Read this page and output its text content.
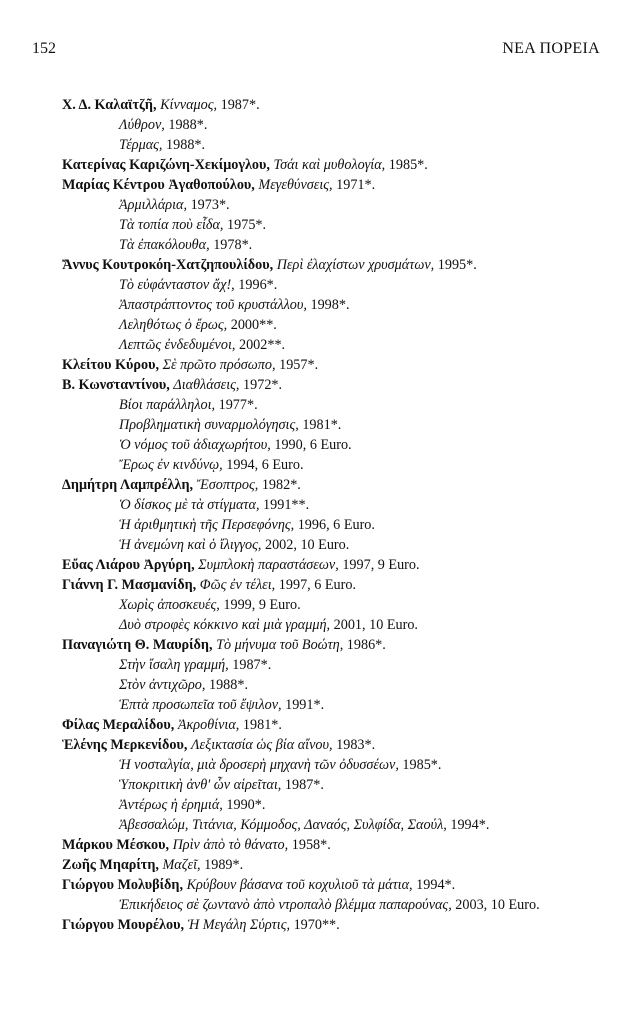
152	ΝΕΑ ΠΟΡΕΙΑ
Χ. Δ. Καλαϊτζῆ, Κίνναμος, 1987*.
Λύθρον, 1988*.
Τέρμας, 1988*.
Κατερίνας Καριζώνη-Χεκίμογλου, Τσάι καὶ μυθολογία, 1985*.
Μαρίας Κέντρου Ἀγαθοπούλου, Μεγεθύνσεις, 1971*.
Ἀρμιλλάρια, 1973*.
Τὰ τοπία ποὺ εἶδα, 1975*.
Τὰ ἐπακόλουθα, 1978*.
Ἄννυς Κουτροκόη-Χατζηπουλίδου, Περὶ ἐλαχίστων χρυσμάτων, 1995*.
Τὸ εὐφάνταστον ἄχ!, 1996*.
Ἀπαστράπτοντος τοῦ κρυστάλλου, 1998*.
Λεληθότως ὁ ἔρως, 2000**.
Λεπτῶς ἐνδεδυμένοι, 2002**.
Κλείτου Κύρου, Σὲ πρῶτο πρόσωπο, 1957*.
Β. Κωνσταντίνου, Διαθλάσεις, 1972*.
Βίοι παράλληλοι, 1977*.
Προβληματικὴ συναρμολόγησις, 1981*.
Ὁ νόμος τοῦ ἀδιαχωρήτου, 1990, 6 Euro.
Ἔρως ἐν κινδύνῳ, 1994, 6 Euro.
Δημήτρη Λαμπρέλλη, Ἔσοπτρος, 1982*.
Ὁ δίσκος μὲ τὰ στίγματα, 1991**.
Ἡ ἀριθμητικὴ τῆς Περσεφόνης, 1996, 6 Euro.
Ἡ ἀνεμώνη καὶ ὁ ἴλιγγος, 2002, 10 Euro.
Εὔας Λιάρου Ἀργύρη, Συμπλοκὴ παραστάσεων, 1997, 9 Euro.
Γιάννη Γ. Μασμανίδη, Φῶς ἐν τέλει, 1997, 6 Euro.
Χωρὶς ἀποσκευές, 1999, 9 Euro.
Δυὸ στροφὲς κόκκινο καὶ μιὰ γραμμή, 2001, 10 Euro.
Παναγιώτη Θ. Μαυρίδη, Τὸ μήνυμα τοῦ Βοώτη, 1986*.
Στὴν ἴσαλη γραμμή, 1987*.
Στὸν ἀντιχῶρο, 1988*.
Ἑπτὰ προσωπεῖα τοῦ ἔψιλον, 1991*.
Φίλας Μεραλίδου, Ἀκροθίνια, 1981*.
Ἑλένης Μερκενίδου, Λεξικτασία ὡς βία αἴνου, 1983*.
Ἡ νοσταλγία, μιὰ δροσερὴ μηχανὴ τῶν ὀδυσσέων, 1985*.
Ὑποκριτικὴ ἀνθ' ὧν αἱρεῖται, 1987*.
Ἀντέρως ἡ ἐρημιά, 1990*.
Ἀβεσσαλώμ, Τιτάνια, Κόμμοδος, Δαναός, Συλφίδα, Σαούλ, 1994*.
Μάρκου Μέσκου, Πρὶν ἀπὸ τὸ θάνατο, 1958*.
Ζωῆς Μηαρίτη, Μαζεῖ, 1989*.
Γιώργου Μολυβίδη, Κρύβουν βάσανα τοῦ κοχυλιοῦ τὰ μάτια, 1994*.
Ἐπικήδειος σὲ ζωντανὸ ἀπὸ ντροπαλὸ βλέμμα παπαρούνας, 2003, 10 Euro.
Γιώργου Μουρέλου, Ἡ Μεγάλη Σύρτις, 1970**.
